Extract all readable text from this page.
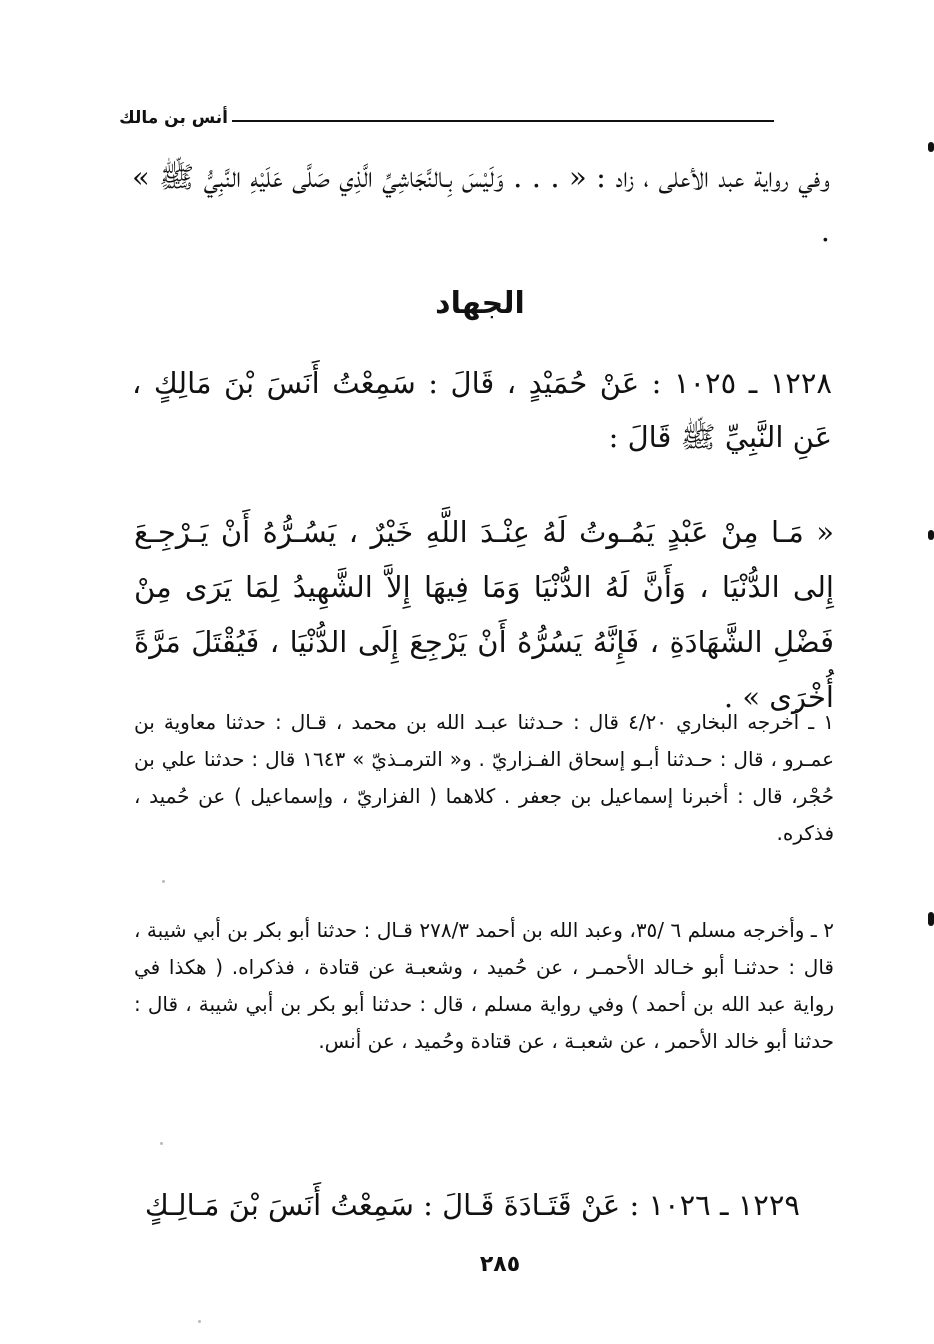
أنس بن مالك
وفي رواية عبد الأعلى ، زاد : « . . . وَلَيْسَ بِـالنَّجَاشِيِّ الَّذِي صَلَّى عَلَيْهِ النَّبِيُّ ﷺ » .
الجهاد
١٢٢٨ ـ ١٠٢٥ : عَنْ حُمَيْدٍ ، قَالَ : سَمِعْتُ أَنَسَ بْنَ مَالِكٍ ، عَنِ النَّبِيِّ ﷺ قَالَ :
« مَـا مِنْ عَبْدٍ يَمُـوتُ لَهُ عِنْـدَ اللَّهِ خَيْرٌ ، يَسُـرُّهُ أَنْ يَـرْجِـعَ إِلى الدُّنْيَا ، وَأَنَّ لَهُ الدُّنْيَا وَمَا فِيهَا إِلاَّ الشَّهِيدُ لِمَا يَرَى مِنْ فَضْلِ الشَّهَادَةِ ، فَإِنَّهُ يَسُرُّهُ أَنْ يَرْجِعَ إِلَى الدُّنْيَا ، فَيُقْتَلَ مَرَّةً أُخْرَى » .
١ ـ أخرجه البخاري ٤/٢٠ قال : حـدثنا عبـد الله بن محمد ، قـال : حدثنا معاوية بن عمـرو ، قال : حـدثنا أبـو إسحاق الفـزاريّ . و« الترمـذيّ » ١٦٤٣ قال : حدثنا علي بن حُجْر، قال : أخبرنا إسماعيل بن جعفر . كلاهما ( الفزاريّ ، وإسماعيل ) عن حُميد ، فذكره.
٢ ـ وأخرجه مسلم ٦ /٣٥، وعبد الله بن أحمد ٢٧٨/٣ قـال : حدثنا أبو بكر بن أبي شيبة ، قال : حدثنـا أبو خـالد الأحمـر ، عن حُميد ، وشعبـة عن قتادة ، فذكراه. ( هكذا في رواية عبد الله بن أحمد ) وفي رواية مسلم ، قال : حدثنا أبو بكر بن أبي شيبة ، قال : حدثنا أبو خالد الأحمر ، عن شعبـة ، عن قتادة وحُميد ، عن أنس.
١٢٢٩ ـ ١٠٢٦ : عَنْ قَتَـادَةَ قَـالَ : سَمِعْتُ أَنَسَ بْنَ مَـالِـكٍ
٢٨٥
